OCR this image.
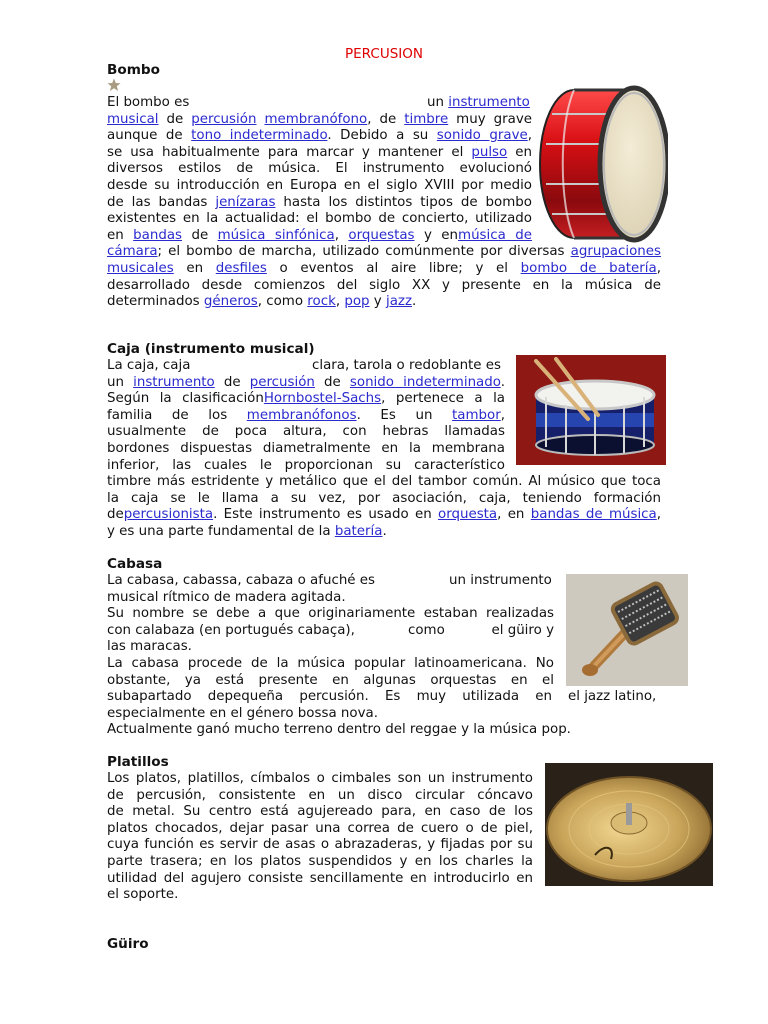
PERCUSION
Bombo
El bombo es	un instrumento
musical de percusión membranófono, de timbre muy grave
aunque de tono indeterminado. Debido a su sonido grave,
se usa habitualmente para marcar y mantener el pulso en
diversos estilos de música. El instrumento evolucionó
desde su introducción en Europa en el siglo XVIII por medio
de las bandas jenízaras hasta los distintos tipos de bombo
existentes en la actualidad: el bombo de concierto, utilizado
en bandas de música sinfónica, orquestas y enmúsica de
cámara; el bombo de marcha, utilizado comúnmente por diversas agrupaciones
musicales en desfiles o eventos al aire libre; y el bombo de batería,
desarrollado desde comienzos del siglo XX y presente en la música de
determinados géneros, como rock, pop y jazz.
Caja (instrumento musical)
La caja, caja	clara, tarola o redoblante es
un instrumento de percusión de sonido indeterminado.
Según la clasificaciónHornbostel-Sachs, pertenece a la
familia de los membranófonos. Es un tambor,
usualmente de poca altura, con hebras llamadas
bordones dispuestas diametralmente en la membrana
inferior, las cuales le proporcionan su característico
timbre más estridente y metálico que el del tambor común. Al músico que toca
la caja se le llama a su vez, por asociación, caja, teniendo formación
depercusionista. Este instrumento es usado en orquesta, en bandas de música,
y es una parte fundamental de la batería.
Cabasa
La cabasa, cabassa, cabaza o afuché es	un instrumento
musical rítmico de madera agitada.
Su nombre se debe a que originariamente estaban realizadas
con calabaza (en portugués cabaça),	como	el güiro y
las maracas.
La cabasa procede de la música popular latinoamericana. No
obstante, ya está presente en algunas orquestas en el
subapartado depequeña percusión. Es muy utilizada en el jazz latino,
especialmente en el género bossa nova.
Actualmente ganó mucho terreno dentro del reggae y la música pop.
Platillos
Los platos, platillos, címbalos o cimbales son un instrumento
de percusión, consistente en un disco circular cóncavo
de metal. Su centro está agujereado para, en caso de los
platos chocados, dejar pasar una correa de cuero o de piel,
cuya función es servir de asas o abrazaderas, y fijadas por su
parte trasera; en los platos suspendidos y en los charles la
utilidad del agujero consiste sencillamente en introducirlo en
el soporte.
Güiro
